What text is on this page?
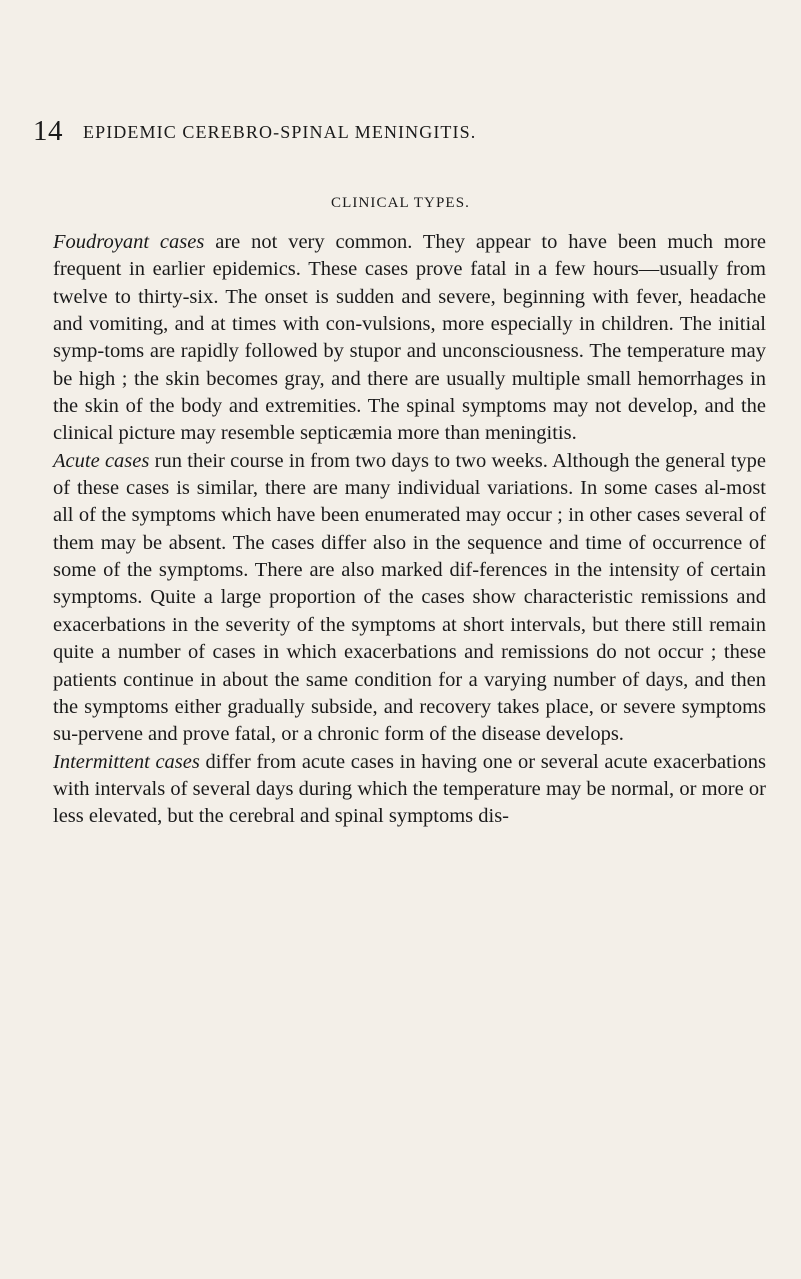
14 EPIDEMIC CEREBRO-SPINAL MENINGITIS.
CLINICAL TYPES.

Foudroyant cases are not very common. They appear to have been much more frequent in earlier epidemics. These cases prove fatal in a few hours—usually from twelve to thirty-six. The onset is sudden and severe, beginning with fever, headache and vomiting, and at times with con-vulsions, more especially in children. The initial symp-toms are rapidly followed by stupor and unconsciousness. The temperature may be high ; the skin becomes gray, and there are usually multiple small hemorrhages in the skin of the body and extremities. The spinal symptoms may not develop, and the clinical picture may resemble septicæmia more than meningitis.

Acute cases run their course in from two days to two weeks. Although the general type of these cases is similar, there are many individual variations. In some cases al-most all of the symptoms which have been enumerated may occur ; in other cases several of them may be absent. The cases differ also in the sequence and time of occurrence of some of the symptoms. There are also marked dif-ferences in the intensity of certain symptoms. Quite a large proportion of the cases show characteristic remissions and exacerbations in the severity of the symptoms at short intervals, but there still remain quite a number of cases in which exacerbations and remissions do not occur ; these patients continue in about the same condition for a varying number of days, and then the symptoms either gradually subside, and recovery takes place, or severe symptoms su-pervene and prove fatal, or a chronic form of the disease develops.

Intermittent cases differ from acute cases in having one or several acute exacerbations with intervals of several days during which the temperature may be normal, or more or less elevated, but the cerebral and spinal symptoms dis-
